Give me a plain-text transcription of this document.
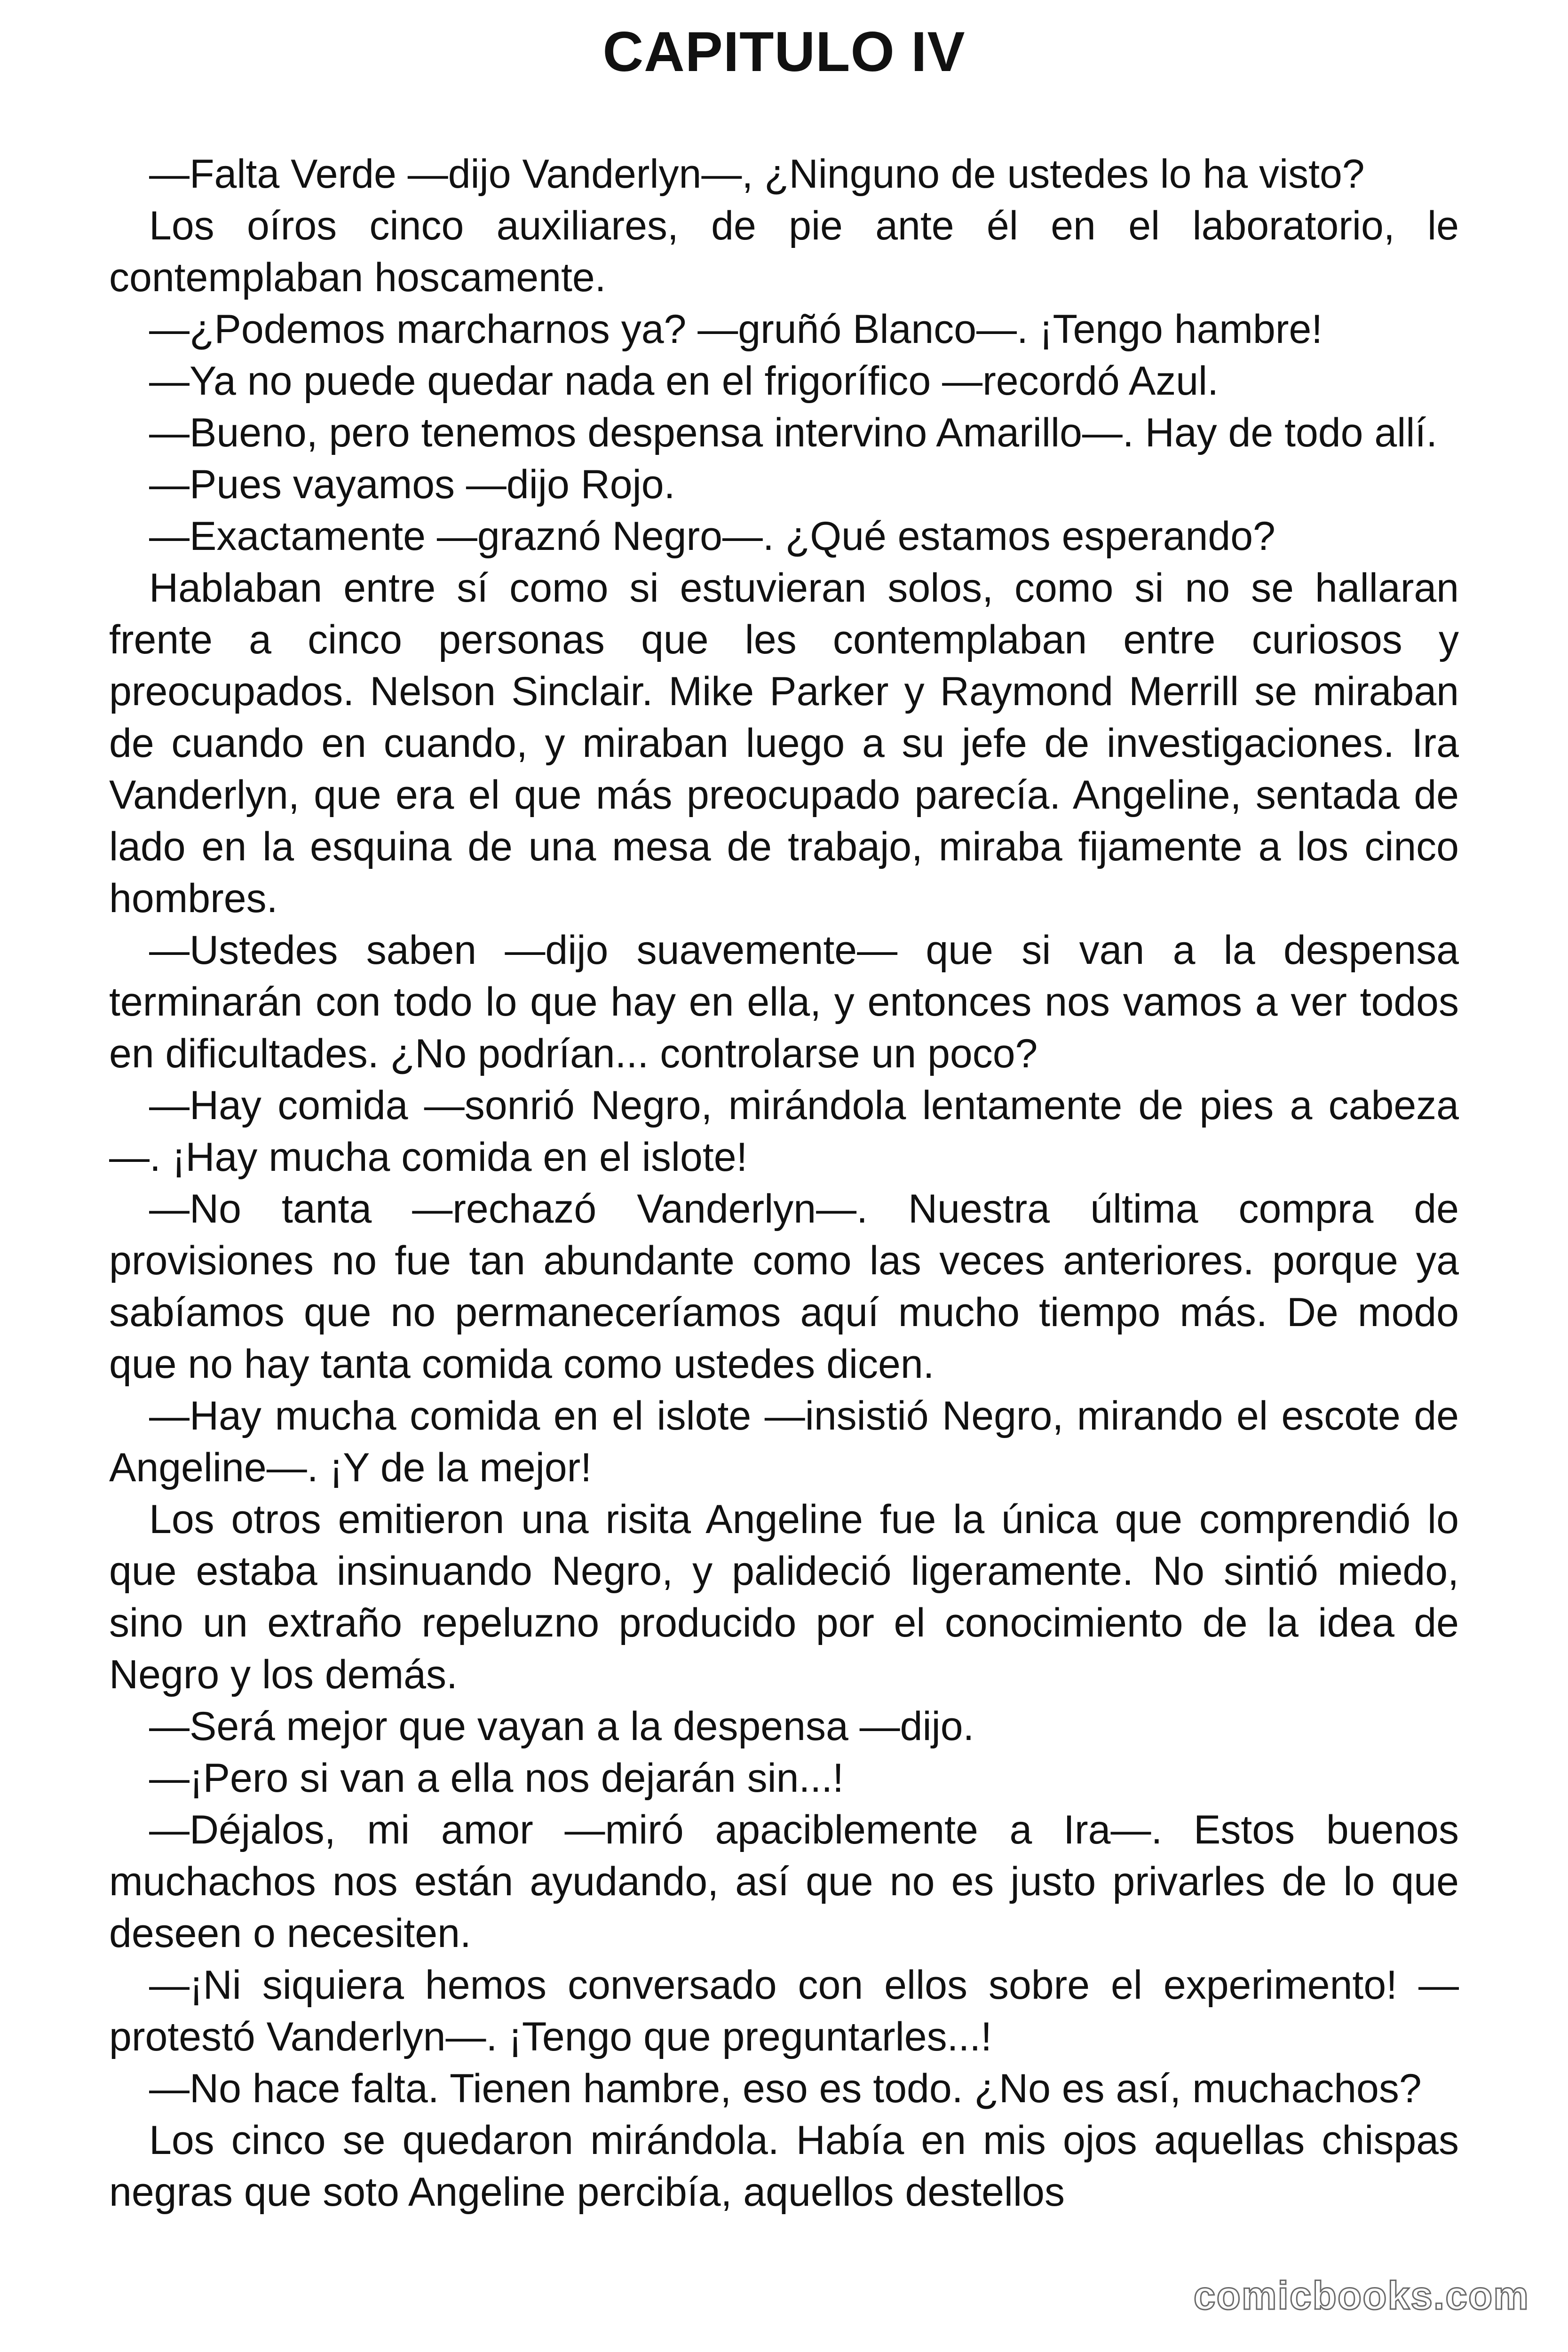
CAPITULO IV

—Falta Verde —dijo Vanderlyn—, ¿Ninguno de ustedes lo ha visto?

Los oíros cinco auxiliares, de pie ante él en el laboratorio, le contemplaban hoscamente.

—¿Podemos marcharnos ya? —gruñó Blanco—. ¡Tengo hambre!

—Ya no puede quedar nada en el frigorífico —recordó Azul.

—Bueno, pero tenemos despensa intervino Amarillo—. Hay de todo allí.

—Pues vayamos —dijo Rojo.

—Exactamente —graznó Negro—. ¿Qué estamos esperando?

Hablaban entre sí como si estuvieran solos, como si no se hallaran frente a cinco personas que les contemplaban entre curiosos y preocupados. Nelson Sinclair. Mike Parker y Raymond Merrill se miraban de cuando en cuando, y miraban luego a su jefe de investigaciones. Ira Vanderlyn, que era el que más preocupado parecía. Angeline, sentada de lado en la esquina de una mesa de trabajo, miraba fijamente a los cinco hombres.

—Ustedes saben —dijo suavemente— que si van a la despensa terminarán con todo lo que hay en ella, y entonces nos vamos a ver todos en dificultades. ¿No podrían... controlarse un poco?

—Hay comida —sonrió Negro, mirándola lentamente de pies a cabeza—. ¡Hay mucha comida en el islote!

—No tanta —rechazó Vanderlyn—. Nuestra última compra de provisiones no fue tan abundante como las veces anteriores. porque ya sabíamos que no permaneceríamos aquí mucho tiempo más. De modo que no hay tanta comida como ustedes dicen.

—Hay mucha comida en el islote —insistió Negro, mirando el escote de Angeline—. ¡Y de la mejor!

Los otros emitieron una risita Angeline fue la única que comprendió lo que estaba insinuando Negro, y palideció ligeramente. No sintió miedo, sino un extraño repeluzno producido por el conocimiento de la idea de Negro y los demás.

—Será mejor que vayan a la despensa —dijo.

—¡Pero si van a ella nos dejarán sin...!

—Déjalos, mi amor —miró apaciblemente a Ira—. Estos buenos muchachos nos están ayudando, así que no es justo privarles de lo que deseen o necesiten.

—¡Ni siquiera hemos conversado con ellos sobre el experimento! —protestó Vanderlyn—. ¡Tengo que preguntarles...!

—No hace falta. Tienen hambre, eso es todo. ¿No es así, muchachos?

Los cinco se quedaron mirándola. Había en mis ojos aquellas chispas negras que soto Angeline percibía, aquellos destellos

comicbooks.com
